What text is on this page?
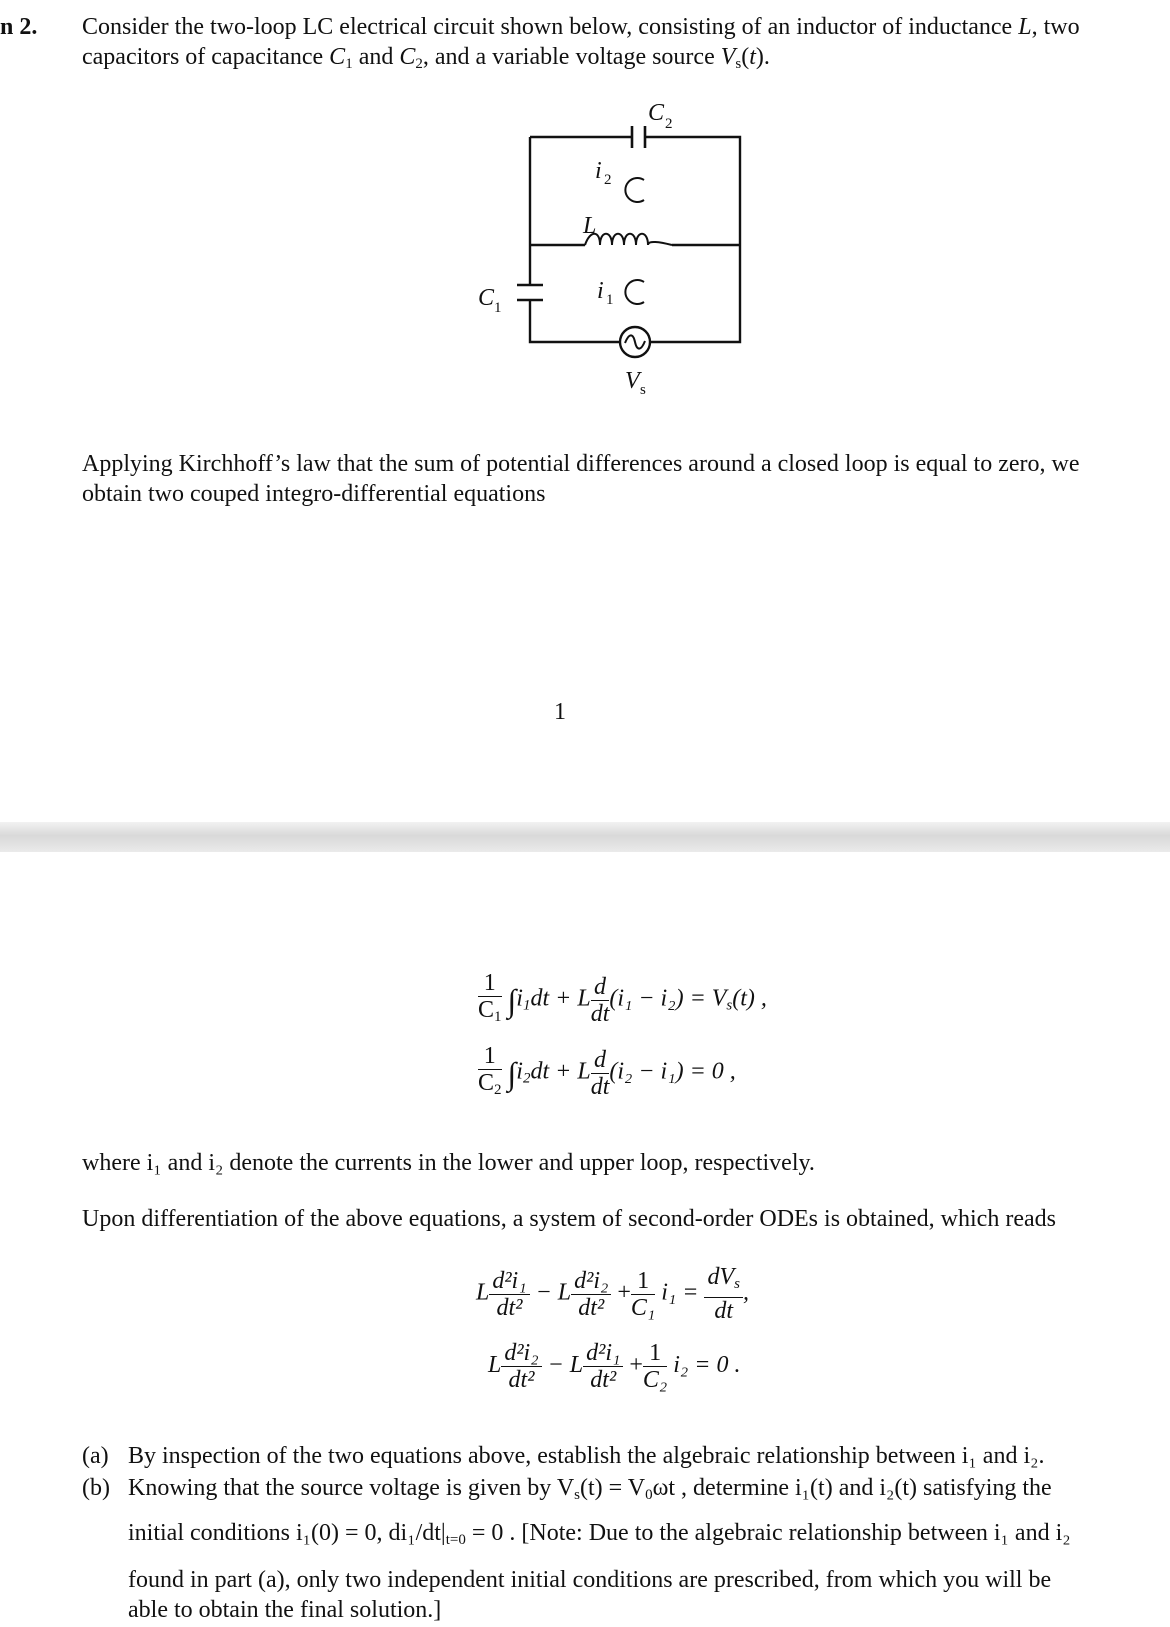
n 2. Consider the two-loop LC electrical circuit shown below, consisting of an inductor of inductance L, two capacitors of capacitance $C_1$ and $C_2$, and a variable voltage source $V_s(t)$.
C 2
i 2
L
i 1
C 1
V s
Applying Kirchhoff’s law that the sum of potential differences around a closed loop is equal to zero, we obtain two couped integro-differential equations
1
$\frac{1}{C_1} \int i_1dt + L \frac{d}{dt} (i_1 - i_2) = V_s(t)$ ,
$\frac{1}{C_2} \int i_2dt + L \frac{d}{dt} (i_2 - i_1) = 0$ ,
where i₁ and i₂ denote the currents in the lower and upper loop, respectively.
Upon differentiation of the above equations, a system of second-order ODEs is obtained, which reads
L $\frac{\text{d²i₁}}{\text{dt²}} - L \frac{\text{d²i₂}}{\text{dt²}} + \frac{1}{\text{C₁}} i_1 = \frac{dV_s}{dt}$ ,
L $\frac{\text{d²i₂}}{\text{dt²}} - L \frac{\text{d²i₁}}{\text{dt²}} + \frac{1}{\text{C₂}} i_2 = 0$ .
(a) By inspection of the two equations above, establish the algebraic relationship between i₁ and i₂.
(b) Knowing that the source voltage is given by $V_s(t) = V_0\omega t$ , determine i₁(t) and i₂(t) satisfying the
initial conditions i₁(0) = 0, di₁/$dt|_{t=0} = 0$ . [Note: Due to the algebraic relationship between i₁ and i₂
found in part (a), only two independent initial conditions are prescribed, from which you will be
able to obtain the final solution.]
